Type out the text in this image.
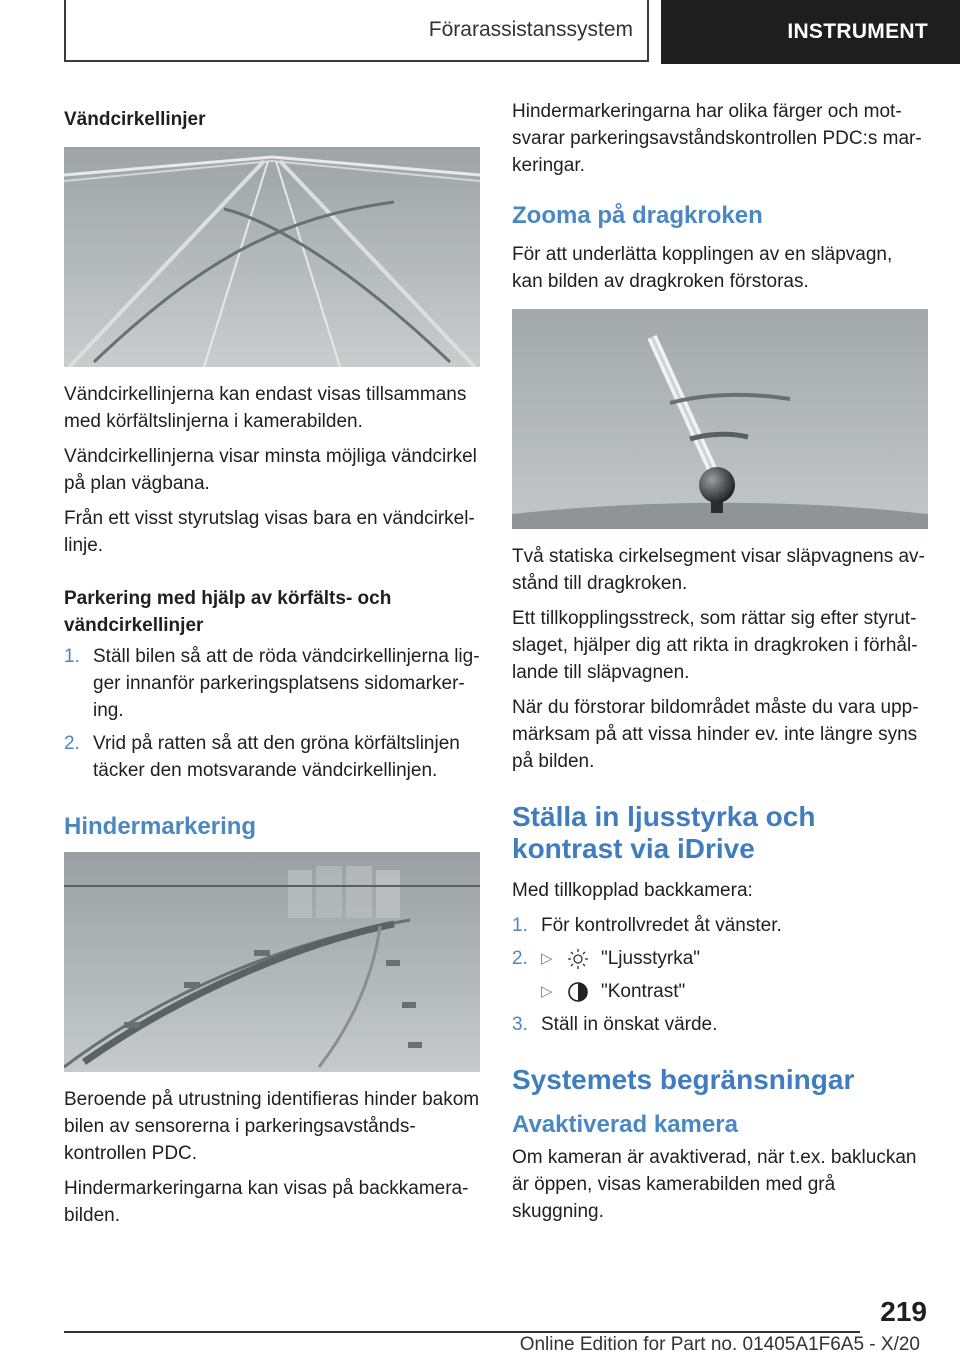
Förarassistanssystem	INSTRUMENT
Vändcirkellinjer

Vändcirkellinjerna kan endast visas tillsammans med körfältslinjerna i kamerabilden.

Vändcirkellinjerna visar minsta möjliga vändcirkel på plan vägbana.

Från ett visst styrutslag visas bara en vändcirkel-linje.

Parkering med hjälp av körfälts- och vändcirkellinjer
1. Ställ bilen så att de röda vändcirkellinjerna lig-ger innanför parkeringsplatsens sidomarker-ing.
2. Vrid på ratten så att den gröna körfältslinjen täcker den motsvarande vändcirkellinjen.
Hindermarkering

Beroende på utrustning identifieras hinder bakom bilen av sensorerna i parkeringsavstånds-kontrollen PDC.

Hindermarkeringarna kan visas på backkamera-bilden.

Hindermarkeringarna har olika färger och mot-svarar parkeringsavståndskontrollen PDC:s mar-keringar.

Zooma på dragkroken

För att underlätta kopplingen av en släpvagn, kan bilden av dragkroken förstoras.

Två statiska cirkelsegment visar släpvagnens av-stånd till dragkroken.

Ett tillkopplingsstreck, som rättar sig efter styrut-slaget, hjälper dig att rikta in dragkroken i förhål-lande till släpvagnen.

När du förstorar bildområdet måste du vara upp-märksam på att vissa hinder ev. inte längre syns på bilden.

Ställa in ljusstyrka och kontrast via iDrive

Med tillkopplad backkamera:

1. För kontrollvredet åt vänster.
2. ▷	"Ljusstyrka"
▷	"Kontrast"
3. Ställ in önskat värde.
Systemets begränsningar
Avaktiverad kamera

Om kameran är avaktiverad, när t.ex. bakluckan är öppen, visas kamerabilden med grå skuggning.

219
Online Edition for Part no. 01405A1F6A5 - X/20
